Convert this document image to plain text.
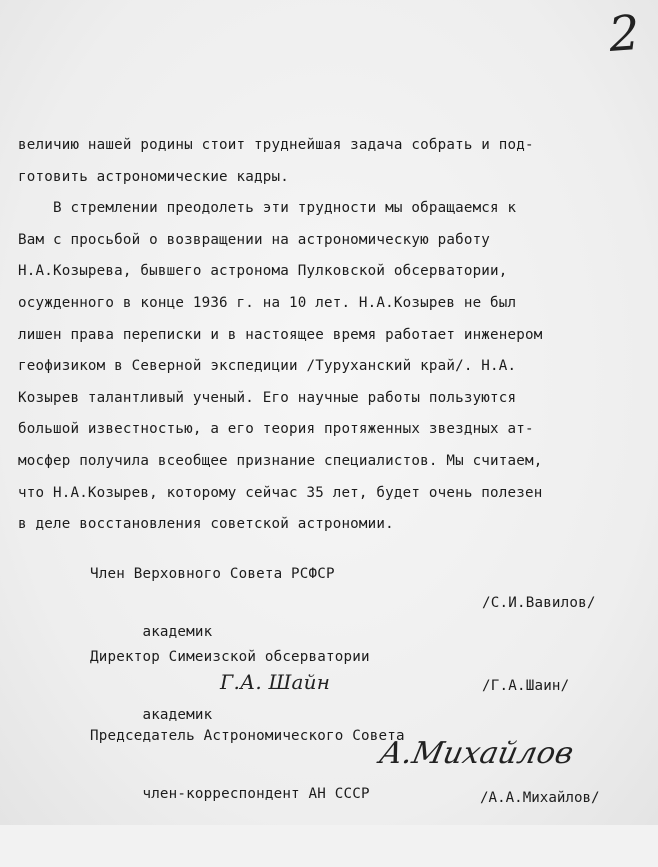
2
величию нашей родины стоит труднейшая задача собрать и под-
готовить астрономические кадры.
В стремлении преодолеть эти трудности мы обращаемся к
Вам с просьбой о возвращении на астрономическую работу
Н.А.Козырева, бывшего астронома Пулковской обсерватории,
осужденного в конце 1936 г. на 10 лет. Н.А.Козырев не был
лишен права переписки и в настоящее время работает инженером
геофизиком в Северной экспедиции /Туруханский край/. Н.А.
Козырев талантливый ученый. Его научные работы пользуются
большой известностью, а его теория протяженных звездных ат-
мосфер получила всеобщее признание специалистов. Мы считаем,
что Н.А.Козырев, которому сейчас 35 лет, будет очень полезен
в деле восстановления советской астрономии.
Член Верховного Совета РСФСР

академик

/С.И.Вавилов/

Директор Симеизской обсерватории

академик

Г.А. Шайн

	/Г.А.Шаин/

Председатель Астрономического Совета

член-корреспондент АН СССР

А.Михайлов

/А.А.Михайлов/
